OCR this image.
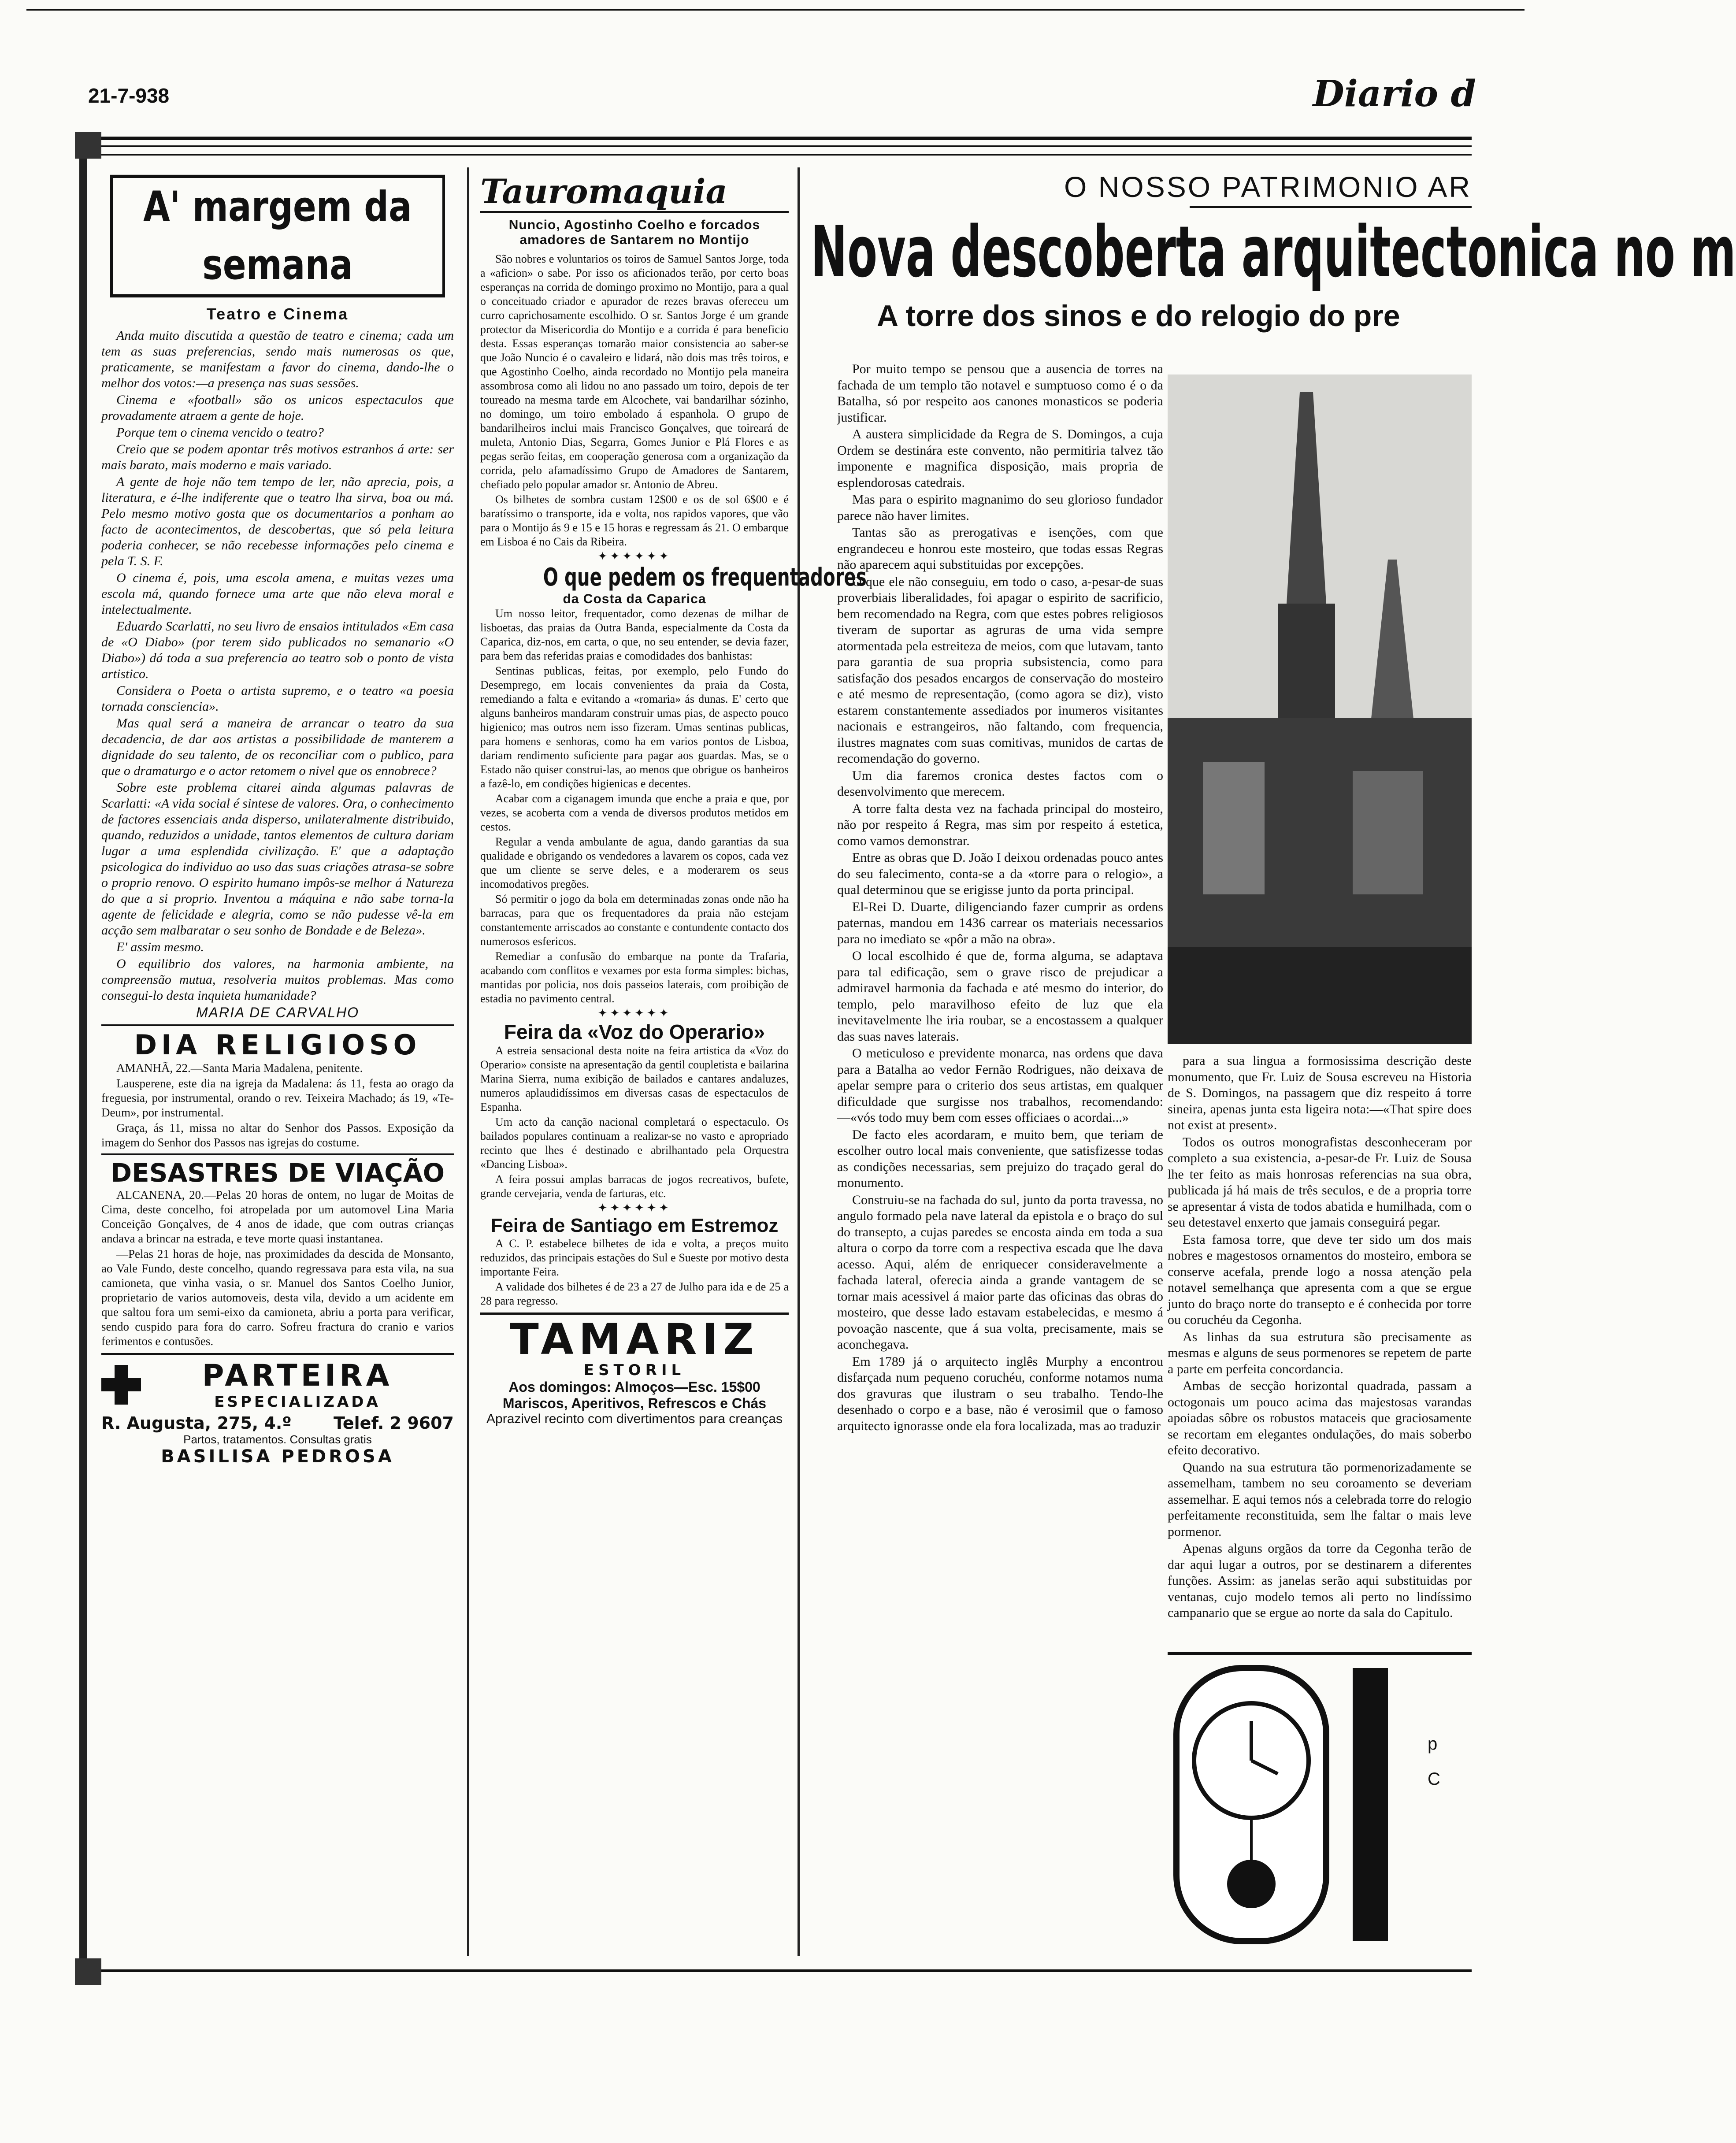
21-7-938	Diario d
A' margem da semana
Teatro e Cinema

Anda muito discutida a questão de teatro e cinema; cada um tem as suas preferencias, sendo mais numerosas os que, praticamente, se manifestam a favor do cinema, dando-lhe o melhor dos votos:—a presença nas suas sessões.

Cinema e «football» são os unicos espectaculos que provadamente atraem a gente de hoje.

Porque tem o cinema vencido o teatro?

Creio que se podem apontar três motivos estranhos á arte: ser mais barato, mais moderno e mais variado.

A gente de hoje não tem tempo de ler, não aprecia, pois, a literatura, e é-lhe indiferente que o teatro lha sirva, boa ou má. Pelo mesmo motivo gosta que os documentarios a ponham ao facto de acontecimentos, de descobertas, que só pela leitura poderia conhecer, se não recebesse informações pelo cinema e pela T. S. F.

O cinema é, pois, uma escola amena, e muitas vezes uma escola má, quando fornece uma arte que não eleva moral e intelectualmente.

Eduardo Scarlatti, no seu livro de ensaios intitulados «Em casa de «O Diabo» (por terem sido publicados no semanario «O Diabo») dá toda a sua preferencia ao teatro sob o ponto de vista artistico.

Considera o Poeta o artista supremo, e o teatro «a poesia tornada consciencia».

Mas qual será a maneira de arrancar o teatro da sua decadencia, de dar aos artistas a possibilidade de manterem a dignidade do seu talento, de os reconciliar com o publico, para que o dramaturgo e o actor retomem o nivel que os ennobrece?

Sobre este problema citarei ainda algumas palavras de Scarlatti: «A vida social é sintese de valores. Ora, o conhecimento de factores essenciais anda disperso, unilateralmente distribuido, quando, reduzidos a unidade, tantos elementos de cultura dariam lugar a uma esplendida civilização. E' que a adaptação psicologica do individuo ao uso das suas criações atrasa-se sobre o proprio renovo. O espirito humano impôs-se melhor á Natureza do que a si proprio. Inventou a máquina e não sabe torna-la agente de felicidade e alegria, como se não pudesse vê-la em acção sem malbaratar o seu sonho de Bondade e de Beleza».

E' assim mesmo.

O equilibrio dos valores, na harmonia ambiente, na compreensão mutua, resolveria muitos problemas. Mas como consegui-lo desta inquieta humanidade?

MARIA DE CARVALHO
DIA RELIGIOSO

AMANHÃ, 22.—Santa Maria Madalena, penitente.

Lausperene, este dia na igreja da Madalena: ás 11, festa ao orago da freguesia, por instrumental, orando o rev. Teixeira Machado; ás 19, «Te-Deum», por instrumental.

Graça, ás 11, missa no altar do Senhor dos Passos. Exposição da imagem do Senhor dos Passos nas igrejas do costume.

DESASTRES DE VIAÇÃO

ALCANENA, 20.—Pelas 20 horas de ontem, no lugar de Moitas de Cima, deste concelho, foi atropelada por um automovel Lina Maria Conceição Gonçalves, de 4 anos de idade, que com outras crianças andava a brincar na estrada, e teve morte quasi instantanea.

—Pelas 21 horas de hoje, nas proximidades da descida de Monsanto, ao Vale Fundo, deste concelho, quando regressava para esta vila, na sua camioneta, que vinha vasia, o sr. Manuel dos Santos Coelho Junior, proprietario de varios automoveis, desta vila, devido a um acidente em que saltou fora um semi-eixo da camioneta, abriu a porta para verificar, sendo cuspido para fora do carro. Sofreu fractura do cranio e varios ferimentos e contusões.

PARTEIRA
ESPECIALIZADA
R. Augusta, 275, 4.º	Telef. 2 9607
Partos, tratamentos. Consultas gratis
BASILISA PEDROSA
Tauromaquia
Nuncio, Agostinho Coelho e forcados amadores de Santarem no Montijo

São nobres e voluntarios os toiros de Samuel Santos Jorge, toda a «aficion» o sabe. Por isso os aficionados terão, por certo boas esperanças na corrida de domingo proximo no Montijo, para a qual o conceituado criador e apurador de rezes bravas ofereceu um curro caprichosamente escolhido. O sr. Santos Jorge é um grande protector da Misericordia do Montijo e a corrida é para beneficio desta. Essas esperanças tomarão maior consistencia ao saber-se que João Nuncio é o cavaleiro e lidará, não dois mas três toiros, e que Agostinho Coelho, ainda recordado no Montijo pela maneira assombrosa como ali lidou no ano passado um toiro, depois de ter toureado na mesma tarde em Alcochete, vai bandarilhar sózinho, no domingo, um toiro embolado á espanhola. O grupo de bandarilheiros inclui mais Francisco Gonçalves, que toireará de muleta, Antonio Dias, Segarra, Gomes Junior e Plá Flores e as pegas serão feitas, em cooperação generosa com a organização da corrida, pelo afamadíssimo Grupo de Amadores de Santarem, chefiado pelo popular amador sr. Antonio de Abreu.

Os bilhetes de sombra custam 12$00 e os de sol 6$00 e é baratíssimo o transporte, ida e volta, nos rapidos vapores, que vão para o Montijo ás 9 e 15 e 15 horas e regressam ás 21. O embarque em Lisboa é no Cais da Ribeira.

✦✦✦✦✦✦
O que pedem os frequentadores
da Costa da Caparica

Um nosso leitor, frequentador, como dezenas de milhar de lisboetas, das praias da Outra Banda, especialmente da Costa da Caparica, diz-nos, em carta, o que, no seu entender, se devia fazer, para bem das referidas praias e comodidades dos banhistas:

Sentinas publicas, feitas, por exemplo, pelo Fundo do Desemprego, em locais convenientes da praia da Costa, remediando a falta e evitando a «romaria» ás dunas. E' certo que alguns banheiros mandaram construir umas pias, de aspecto pouco higienico; mas outros nem isso fizeram. Umas sentinas publicas, para homens e senhoras, como ha em varios pontos de Lisboa, dariam rendimento suficiente para pagar aos guardas. Mas, se o Estado não quiser construi-las, ao menos que obrigue os banheiros a fazê-lo, em condições higienicas e decentes.

Acabar com a ciganagem imunda que enche a praia e que, por vezes, se acoberta com a venda de diversos produtos metidos em cestos.

Regular a venda ambulante de agua, dando garantias da sua qualidade e obrigando os vendedores a lavarem os copos, cada vez que um cliente se serve deles, e a moderarem os seus incomodativos pregões.

Só permitir o jogo da bola em determinadas zonas onde não ha barracas, para que os frequentadores da praia não estejam constantemente arriscados ao constante e contundente contacto dos numerosos esfericos.

Remediar a confusão do embarque na ponte da Trafaria, acabando com conflitos e vexames por esta forma simples: bichas, mantidas por policia, nos dois passeios laterais, com proibição de estadia no pavimento central.

✦✦✦✦✦✦
Feira da «Voz do Operario»

A estreia sensacional desta noite na feira artistica da «Voz do Operario» consiste na apresentação da gentil coupletista e bailarina Marina Sierra, numa exibição de bailados e cantares andaluzes, numeros aplaudidíssimos em diversas casas de espectaculos de Espanha.

Um acto da canção nacional completará o espectaculo. Os bailados populares continuam a realizar-se no vasto e apropriado recinto que lhes é destinado e abrilhantado pela Orquestra «Dancing Lisboa».

A feira possui amplas barracas de jogos recreativos, bufete, grande cervejaria, venda de farturas, etc.

✦✦✦✦✦✦
Feira de Santiago em Estremoz

A C. P. estabelece bilhetes de ida e volta, a preços muito reduzidos, das principais estações do Sul e Sueste por motivo desta importante Feira.

A validade dos bilhetes é de 23 a 27 de Julho para ida e de 25 a 28 para regresso.

TAMARIZ
ESTORIL
Aos domingos: Almoços—Esc. 15$00
Mariscos, Aperitivos, Refrescos e Chás
Aprazivel recinto com divertimentos para creanças
O NOSSO PATRIMONIO AR
Nova descoberta arquitectonica no m
A torre dos sinos e do relogio do pre

Por muito tempo se pensou que a ausencia de torres na fachada de um templo tão notavel e sumptuoso como é o da Batalha, só por respeito aos canones monasticos se poderia justificar.

A austera simplicidade da Regra de S. Domingos, a cuja Ordem se destinára este convento, não permitiria talvez tão imponente e magnifica disposição, mais propria de esplendorosas catedrais.

Mas para o espirito magnanimo do seu glorioso fundador parece não haver limites.

Tantas são as prerogativas e isenções, com que engrandeceu e honrou este mosteiro, que todas essas Regras não aparecem aqui substituidas por excepções.

O que ele não conseguiu, em todo o caso, a-pesar-de suas proverbiais liberalidades, foi apagar o espirito de sacrificio, bem recomendado na Regra, com que estes pobres religiosos tiveram de suportar as agruras de uma vida sempre atormentada pela estreiteza de meios, com que lutavam, tanto para garantia de sua propria subsistencia, como para satisfação dos pesados encargos de conservação do mosteiro e até mesmo de representação, (como agora se diz), visto estarem constantemente assediados por inumeros visitantes nacionais e estrangeiros, não faltando, com frequencia, ilustres magnates com suas comitivas, munidos de cartas de recomendação do governo.

Um dia faremos cronica destes factos com o desenvolvimento que merecem.

A torre falta desta vez na fachada principal do mosteiro, não por respeito á Regra, mas sim por respeito á estetica, como vamos demonstrar.

Entre as obras que D. João I deixou ordenadas pouco antes do seu falecimento, conta-se a da «torre para o relogio», a qual determinou que se erigisse junto da porta principal.

El-Rei D. Duarte, diligenciando fazer cumprir as ordens paternas, mandou em 1436 carrear os materiais necessarios para no imediato se «pôr a mão na obra».

O local escolhido é que de, forma alguma, se adaptava para tal edificação, sem o grave risco de prejudicar a admiravel harmonia da fachada e até mesmo do interior, do templo, pelo maravilhoso efeito de luz que ela inevitavelmente lhe iria roubar, se a encostassem a qualquer das suas naves laterais.

O meticuloso e previdente monarca, nas ordens que dava para a Batalha ao vedor Fernão Rodrigues, não deixava de apelar sempre para o criterio dos seus artistas, em qualquer dificuldade que surgisse nos trabalhos, recomendando:—«vós todo muy bem com esses officiaes o acordai...»

De facto eles acordaram, e muito bem, que teriam de escolher outro local mais conveniente, que satisfizesse todas as condições necessarias, sem prejuizo do traçado geral do monumento.

Construiu-se na fachada do sul, junto da porta travessa, no angulo formado pela nave lateral da epistola e o braço do sul do transepto, a cujas paredes se encosta ainda em toda a sua altura o corpo da torre com a respectiva escada que lhe dava acesso. Aqui, além de enriquecer consideravelmente a fachada lateral, oferecia ainda a grande vantagem de se tornar mais acessivel á maior parte das oficinas das obras do mosteiro, que desse lado estavam estabelecidas, e mesmo á povoação nascente, que á sua volta, precisamente, mais se aconchegava.

Em 1789 já o arquitecto inglês Murphy a encontrou disfarçada num pequeno coruchéu, conforme notamos numa dos gravuras que ilustram o seu trabalho. Tendo-lhe desenhado o corpo e a base, não é verosimil que o famoso arquitecto ignorasse onde ela fora localizada, mas ao traduzir

para a sua lingua a formosissima descrição deste monumento, que Fr. Luiz de Sousa escreveu na Historia de S. Domingos, na passagem que diz respeito á torre sineira, apenas junta esta ligeira nota:—«That spire does not exist at present».

Todos os outros monografistas desconheceram por completo a sua existencia, a-pesar-de Fr. Luiz de Sousa lhe ter feito as mais honrosas referencias na sua obra, publicada já há mais de três seculos, e de a propria torre se apresentar á vista de todos abatida e humilhada, com o seu detestavel enxerto que jamais conseguirá pegar.

Esta famosa torre, que deve ter sido um dos mais nobres e magestosos ornamentos do mosteiro, embora se conserve acefala, prende logo a nossa atenção pela notavel semelhança que apresenta com a que se ergue junto do braço norte do transepto e é conhecida por torre ou coruchéu da Cegonha.

As linhas da sua estrutura são precisamente as mesmas e alguns de seus pormenores se repetem de parte a parte em perfeita concordancia.

Ambas de secção horizontal quadrada, passam a octogonais um pouco acima das majestosas varandas apoiadas sôbre os robustos mataceis que graciosamente se recortam em elegantes ondulações, do mais soberbo efeito decorativo.

Quando na sua estrutura tão pormenorizadamente se assemelham, tambem no seu coroamento se deveriam assemelhar. E aqui temos nós a celebrada torre do relogio perfeitamente reconstituida, sem lhe faltar o mais leve pormenor.

Apenas alguns orgãos da torre da Cegonha terão de dar aqui lugar a outros, por se destinarem a diferentes funções. Assim: as janelas serão aqui substituidas por ventanas, cujo modelo temos ali perto no lindíssimo campanario que se ergue ao norte da sala do Capitulo.

p
C
